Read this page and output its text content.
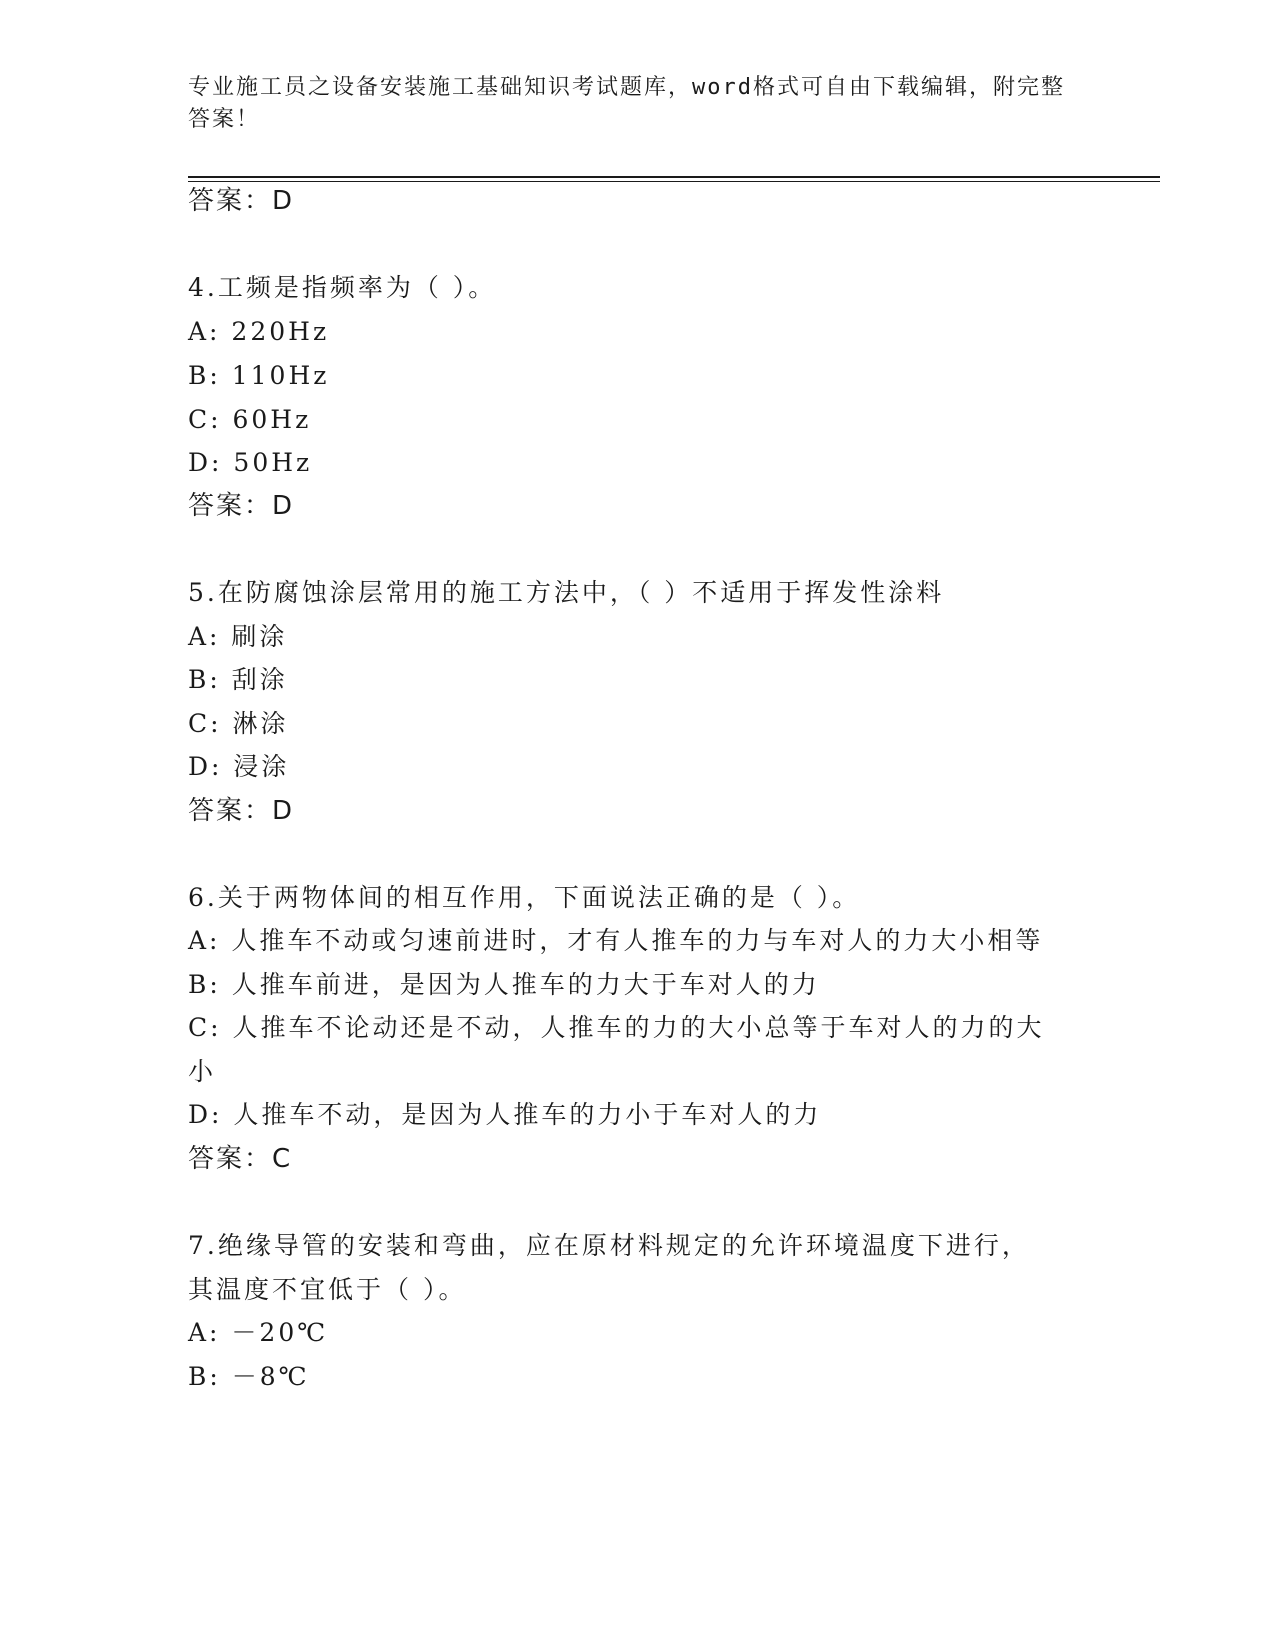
专业施工员之设备安装施工基础知识考试题库，word格式可自由下载编辑，附完整答案！
答案：D
4.工频是指频率为（ ）。
A: 220Hz
B: 110Hz
C: 60Hz
D: 50Hz
答案：D
5.在防腐蚀涂层常用的施工方法中，（ ）不适用于挥发性涂料
A: 刷涂
B: 刮涂
C: 淋涂
D: 浸涂
答案：D
6.关于两物体间的相互作用，下面说法正确的是（ ）。
A: 人推车不动或匀速前进时，才有人推车的力与车对人的力大小相等
B: 人推车前进，是因为人推车的力大于车对人的力
C: 人推车不论动还是不动，人推车的力的大小总等于车对人的力的大
小
D: 人推车不动，是因为人推车的力小于车对人的力
答案：C
7.绝缘导管的安装和弯曲，应在原材料规定的允许环境温度下进行，
其温度不宜低于（ ）。
A: －20℃
B: －8℃
